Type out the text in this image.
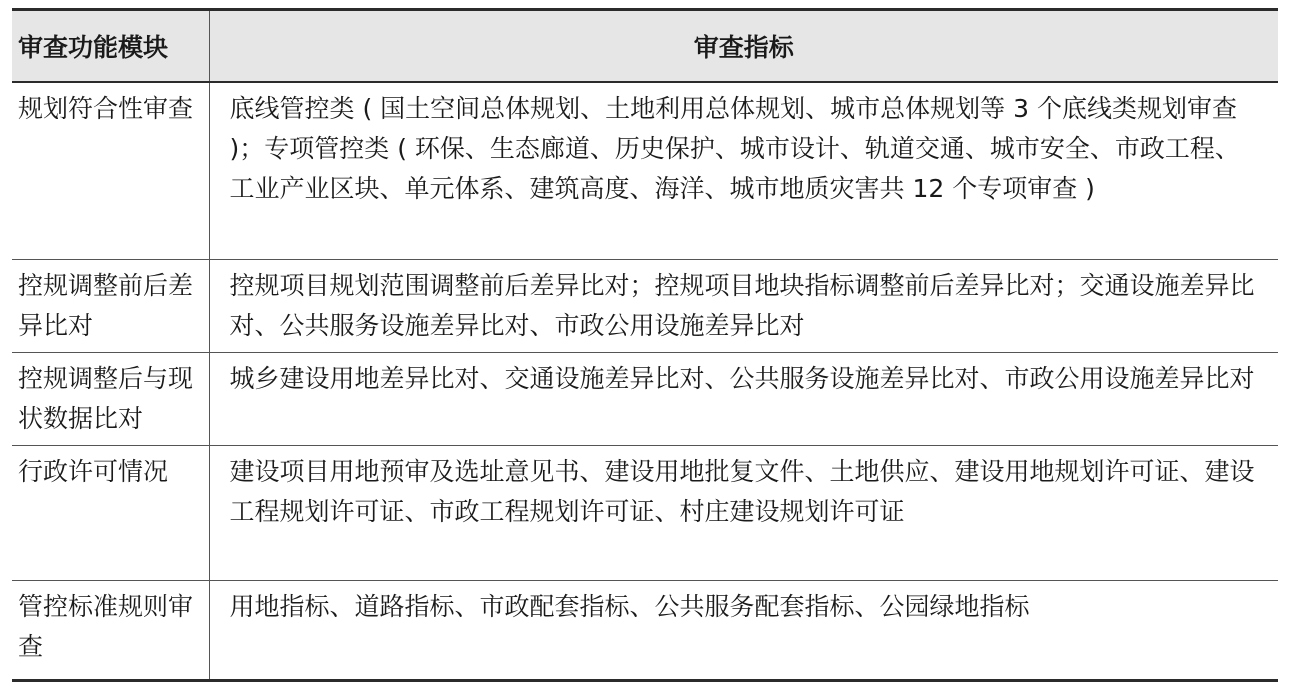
审查功能模块	审查指标
规划符合性审查	底线管控类 ( 国土空间总体规划、土地利用总体规划、城市总体规划等 3 个底线类规划审查 )；专项管控类 ( 环保、生态廊道、历史保护、城市设计、轨道交通、城市安全、市政工程、工业产业区块、单元体系、建筑高度、海洋、城市地质灾害共 12 个专项审查 )
控规调整前后差异比对	控规项目规划范围调整前后差异比对；控规项目地块指标调整前后差异比对；交通设施差异比对、公共服务设施差异比对、市政公用设施差异比对
控规调整后与现状数据比对	城乡建设用地差异比对、交通设施差异比对、公共服务设施差异比对、市政公用设施差异比对
行政许可情况	建设项目用地预审及选址意见书、建设用地批复文件、土地供应、建设用地规划许可证、建设工程规划许可证、市政工程规划许可证、村庄建设规划许可证
管控标准规则审查	用地指标、道路指标、市政配套指标、公共服务配套指标、公园绿地指标
